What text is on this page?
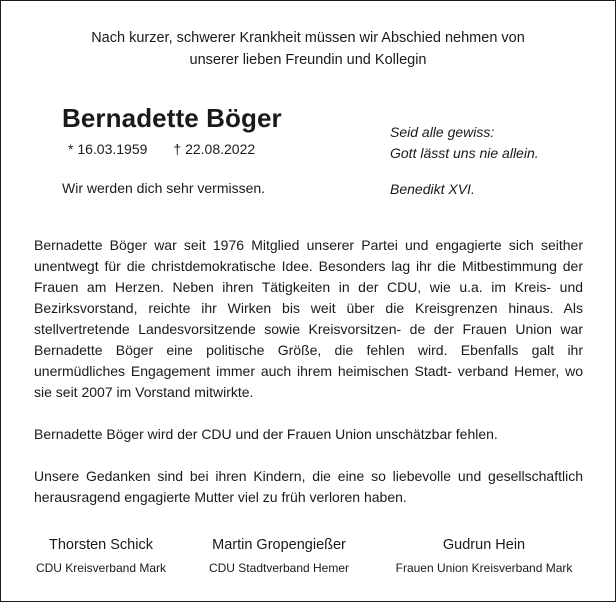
Nach kurzer, schwerer Krankheit müssen wir Abschied nehmen von
unserer lieben Freundin und Kollegin
Bernadette Böger
* 16.03.1959 † 22.08.2022
Wir werden dich sehr vermissen.
Seid alle gewiss:
Gott lässt uns nie allein.
Benedikt XVI.

Bernadette Böger war seit 1976 Mitglied unserer Partei und engagierte sich seither unentwegt für die christdemokratische Idee. Besonders lag ihr die Mitbestimmung der Frauen am Herzen. Neben ihren Tätigkeiten in der CDU, wie u.a. im Kreis- und Bezirksvorstand, reichte ihr Wirken bis weit über die Kreisgrenzen hinaus. Als stellvertretende Landesvorsitzende sowie Kreisvorsitzen- de der Frauen Union war Bernadette Böger eine politische Größe, die fehlen wird. Ebenfalls galt ihr unermüdliches Engagement immer auch ihrem heimischen Stadt- verband Hemer, wo sie seit 2007 im Vorstand mitwirkte.

Bernadette Böger wird der CDU und der Frauen Union unschätzbar fehlen.

Unsere Gedanken sind bei ihren Kindern, die eine so liebevolle und gesellschaftlich herausragend engagierte Mutter viel zu früh verloren haben.

Thorsten Schick
CDU Kreisverband Mark
Martin Gropengießer
CDU Stadtverband Hemer
Gudrun Hein
Frauen Union Kreisverband Mark
